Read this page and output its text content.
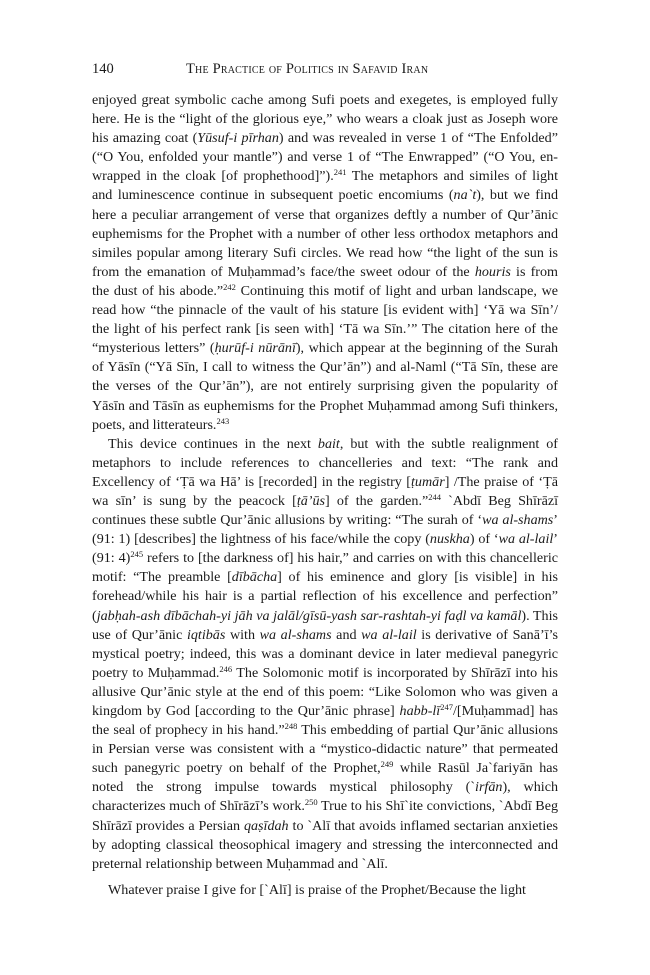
140	The Practice of Politics in Safavid Iran

enjoyed great symbolic cache among Sufi poets and exegetes, is employed fully here. He is the “light of the glorious eye,” who wears a cloak just as Joseph wore his amazing coat (Yūsuf-i pīrhan) and was revealed in verse 1 of “The Enfolded” (“O You, enfolded your mantle”) and verse 1 of “The Enwrapped” (“O You, enwrapped in the cloak [of prophethood]”).$^{241}$ The metaphors and similes of light and luminescence continue in subsequent poetic encomiums (na`t), but we find here a peculiar arrangement of verse that organizes deftly a number of Qur’ānic euphemisms for the Prophet with a number of other less orthodox metaphors and similes popular among literary Sufi circles. We read how “the light of the sun is from the emanation of Muḥammad’s face/the sweet odour of the houris is from the dust of his abode.”$^{242}$ Continuing this motif of light and urban landscape, we read how “the pinnacle of the vault of his stature [is evident with] ‘Yā wa Sīn’/ the light of his perfect rank [is seen with] ‘Tā wa Sīn.’” The citation here of the “mysterious letters” (ḥurūf-i nūrānī), which appear at the beginning of the Surah of Yāsīn (“Yā Sīn, I call to witness the Qur’ān”) and al-Naml (“Tā Sīn, these are the verses of the Qur’ān”), are not entirely surprising given the popularity of Yāsīn and Tāsīn as euphemisms for the Prophet Muḥammad among Sufi thinkers, poets, and litterateurs.$^{243}$

This device continues in the next bait, but with the subtle realignment of metaphors to include references to chancelleries and text: “The rank and Excellency of ‘Ṭā wa Hā’ is [recorded] in the registry [ṭumār] /The praise of ‘Ṭā wa sīn’ is sung by the peacock [ṭā’ūs] of the garden.”$^{244}$ `Abdī Beg Shīrāzī continues these subtle Qur’ānic allusions by writing: “The surah of ‘wa al-shams’ (91: 1) [describes] the lightness of his face/while the copy (nuskha) of ‘wa al-lail’ (91: 4)$^{245}$ refers to [the darkness of] his hair,” and carries on with this chancelleric motif: “The preamble [dībācha] of his eminence and glory [is visible] in his forehead/while his hair is a partial reflection of his excellence and perfection” (jabḥah-ash dībāchah-yi jāh va jalāl/gīsū-yash sar-rashtah-yi faḍl va kamāl). This use of Qur’ānic iqtibās with wa al-shams and wa al-lail is derivative of Sanā’ī’s mystical poetry; indeed, this was a dominant device in later medieval panegyric poetry to Muḥammad.$^{246}$ The Solomonic motif is incorporated by Shīrāzī into his allusive Qur’ānic style at the end of this poem: “Like Solomon who was given a kingdom by God [according to the Qur’ānic phrase] habb-$lī^{247}/[Muḥammad]$ has the seal of prophecy in his hand.”$^{248}$ This embedding of partial Qur’ānic allusions in Persian verse was consistent with a “mystico-didactic nature” that permeated such panegyric poetry on behalf of the Prophet,$^{249}$ while Rasūl Ja`fariyān has noted the strong impulse towards mystical philosophy (`irfān), which characterizes much of Shīrāzī’s work.$^{250}$ True to his Shī`ite convictions, `Abdī Beg Shīrāzī provides a Persian qaṣīdah to `Alī that avoids inflamed sectarian anxieties by adopting classical theosophical imagery and stressing the interconnected and preternal relationship between Muḥammad and `Alī.

Whatever praise I give for [`Alī] is praise of the Prophet/Because the light
